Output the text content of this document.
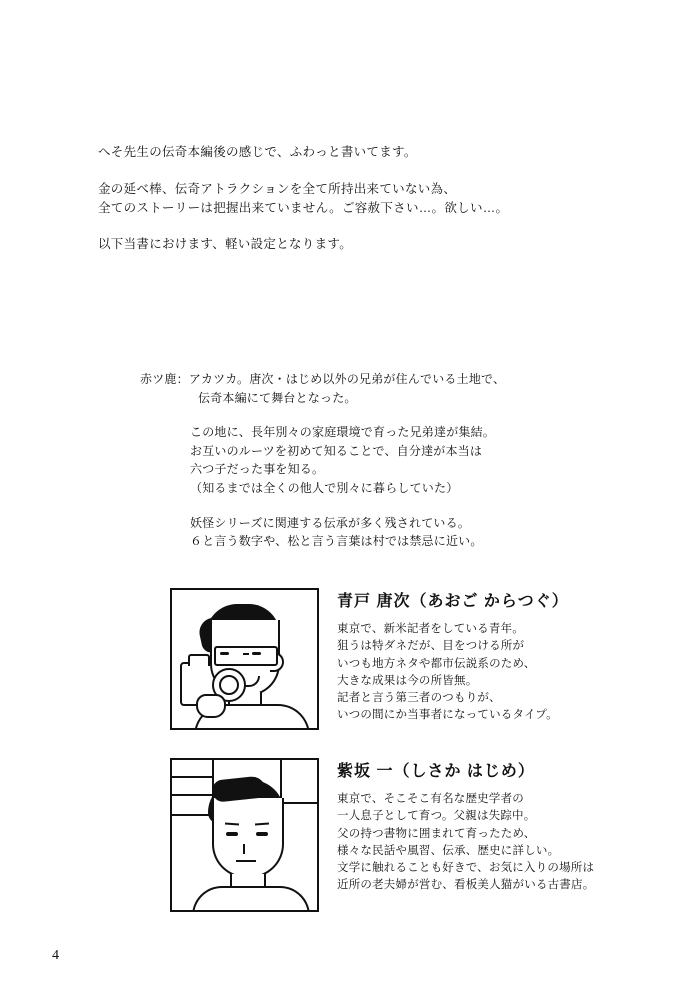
へそ先生の伝奇本編後の感じで、ふわっと書いてます。

金の延べ棒、伝奇アトラクションを全て所持出来ていない為、
全てのストーリーは把握出来ていません。ご容赦下さい…。欲しい…。

以下当書におけます、軽い設定となります。

赤ツ鹿：アカツカ。唐次・はじめ以外の兄弟が住んでいる土地で、
伝奇本編にて舞台となった。
この地に、長年別々の家庭環境で育った兄弟達が集結。
お互いのルーツを初めて知ることで、自分達が本当は
六つ子だった事を知る。
（知るまでは全くの他人で別々に暮らしていた）
妖怪シリーズに関連する伝承が多く残されている。
６と言う数字や、松と言う言葉は村では禁忌に近い。
青戸 唐次（あおご からつぐ）
東京で、新米記者をしている青年。
狙うは特ダネだが、目をつける所が
いつも地方ネタや都市伝説系のため、
大きな成果は今の所皆無。
記者と言う第三者のつもりが、
いつの間にか当事者になっているタイプ。
紫坂 一（しさか はじめ）
東京で、そこそこ有名な歴史学者の
一人息子として育つ。父親は失踪中。
父の持つ書物に囲まれて育ったため、
様々な民話や風習、伝承、歴史に詳しい。
文学に触れることも好きで、お気に入りの場所は
近所の老夫婦が営む、看板美人猫がいる古書店。
4
